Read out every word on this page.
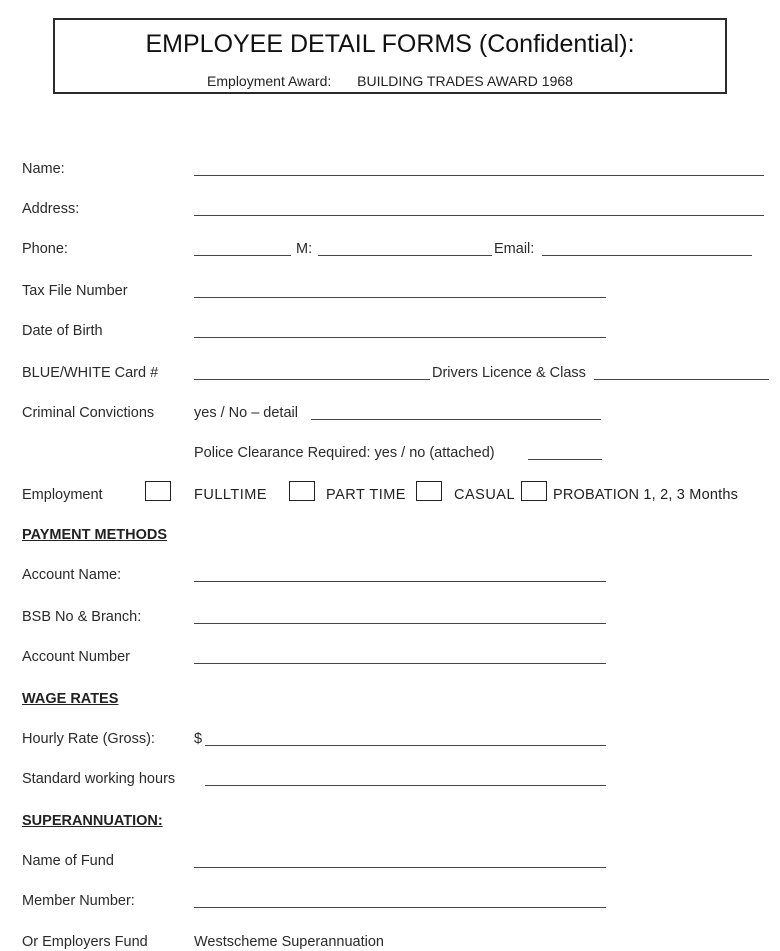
EMPLOYEE DETAIL FORMS (Confidential):
Employment Award: BUILDING TRADES AWARD 1968
Name:
Address:
Phone:	M:	Email:
Tax File Number
Date of Birth
BLUE/WHITE Card #	Drivers Licence & Class
Criminal Convictions	yes / No – detail
Police Clearance Required: yes / no (attached)
Employment	FULLTIME	PART TIME	CASUAL	PROBATION 1, 2, 3 Months
PAYMENT METHODS
Account Name:
BSB No & Branch:
Account Number
WAGE RATES
Hourly Rate (Gross):	$
Standard working hours
SUPERANNUATION:
Name of Fund
Member Number:
Or Employers Fund	Westscheme Superannuation
